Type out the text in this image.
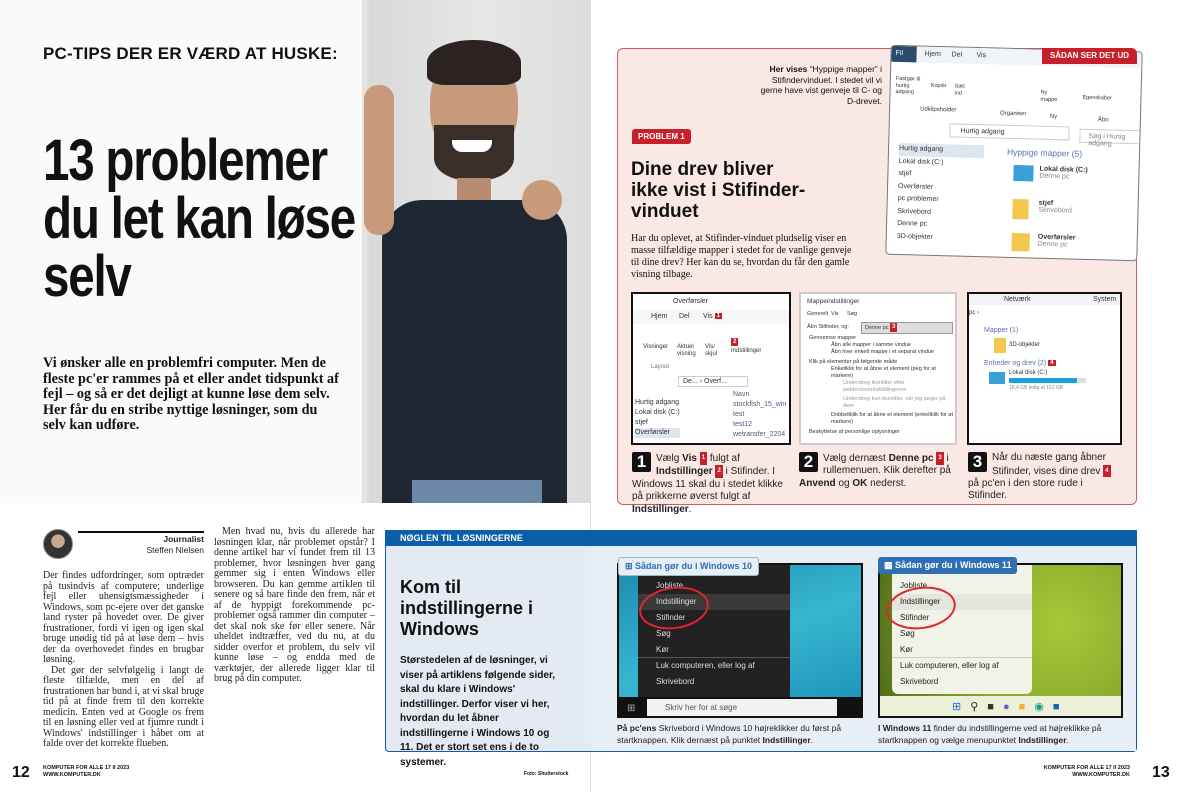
PC-TIPS DER ER VÆRD AT HUSKE:
13 problemer du let kan løse selv
Vi ønsker alle en problemfri computer. Men de fleste pc'er rammes på et eller andet tidspunkt af fejl – og så er det dejligt at kunne løse dem selv. Her får du en stribe nyttige løsninger, som du selv kan udføre.
Journalist
Steffen Nielsen

Der findes udfordringer, som optræder på tusindvis af computere; underlige fejl eller uhensigtsmæssigheder i Windows, som pc-ejere over det ganske land ryster på hovedet over. De giver frustrationer, fordi vi igen og igen skal bruge unødig tid på at løse dem – hvis der da overhovedet findes en brugbar løsning.

Det gør der selvfølgelig i langt de fleste tilfælde, men en del af frustrationen har bund i, at vi skal bruge tid på at finde frem til den korrekte medicin. Enten ved at Google os frem til en løsning eller ved at fjumre rundt i Windows' indstillinger i håbet om at falde over det korrekte flueben.

Men hvad nu, hvis du allerede har løsningen klar, når problemet opstår? I denne artikel har vi fundet frem til 13 problemer, hvor løsningen hver gang gemmer sig i enten Windows eller browseren. Du kan gemme artiklen til senere og så bare finde den frem, når et af de hyppigt forekommende pc-problemer også rammer din computer – det skal nok ske før eller senere. Når uheldet indtræffer, ved du nu, at du sidder overfor et problem, du selv vil kunne løse – og endda med de værktøjer, der allerede ligger klar til brug på din computer.

12 KOMPUTER FOR ALLE 17 II 2023
WWW.KOMPUTER.DK	Foto: Shutterstock
Her vises “Hyppige mapper” i Stifindervinduet. I stedet vil vi gerne have vist genveje til C- og D-drevet.
PROBLEM 1
Dine drev bliver ikke vist i Stifinder-vinduet
Har du oplevet, at Stifinder-vinduet pludselig viser en masse tilfældige mapper i stedet for de vanlige genveje til dine drev? Her kan du se, hvordan du får den gamle visning tilbage.
Fil	Hjem Del Vis
Fastgør til hurtig adgang
Kopiér Sæt ind	Ny mappe	Egenskaber
Udklipsholder
Organiser	Ny
Åbn
Hurtig adgang
Søg i Hurtig adgang
Hurtig adgang
Lokal disk (C:)
stjef
Overførsler
pc problemer
Skrivebord
Denne pc
3D-objekter
Hyppige mapper (5)
Lokal disk (C:)
Denne pc
stjef
Skrivebord
Overførsler
Denne pc
SÅDAN SER DET UD
Overførsler
Hjem Del Vis 1
Visninger Aktuel visning
Vis/ skjul
2
Indstillinger
Layout
De... › Overf...
Hurtig adgang
Lokal disk (C:)
stjef
Overførsler
Navn
stockfish_15_win
test
test12
wetransfer_2204
Mappeindstillinger
Generelt Vis Søg
Åbn Stifinder, og:	Denne pc 3
Gennemse mapper
Åbn alle mapper i samme vindue
Åbn hver enkelt mappe i et separat vindue
Klik på elementer på følgende måde
Enkeltklik for at åbne et element (peg for at markere)
Understreg ikontitler efter webbrowserindstillingerne
Understreg kun ikontitler, når jeg peger på dem
Dobbeltklik for at åbne et element (enkeltklik for at markere)
Beskyttelse af personlige oplysninger
Netværk	System
pc ›
Mapper (1)
3D-objekter
Enheder og drev (2) 4
Lokal disk (C:)
18,4 GB ledig af 151 GB
1 Vælg Vis 1 fulgt af Indstillinger 2 i Stifinder. I Windows 11 skal du i stedet klikke på prikkerne øverst fulgt af Indstillinger.
2 Vælg dernæst Denne pc 3 i rullemenuen. Klik derefter på Anvend og OK nederst.
3 Når du næste gang åbner Stifinder, vises dine drev 4 på pc'en i den store rude i Stifinder.
NØGLEN TIL LØSNINGERNE
Kom til indstillingerne i Windows
Størstedelen af de løsninger, vi viser på artiklens følgende sider, skal du klare i Windows' indstillinger. Derfor viser vi her, hvordan du let åbner indstillingerne i Windows 10 og 11. Det er stort set ens i de to systemer.
Jobliste
Indstillinger
Stifinder
Søg
Kør
Luk computeren, eller log af
Skrivebord
⊞	Skriv her for at søge
⊞ Sådan gør du i Windows 10
På pc'ens Skrivebord i Windows 10 højreklikker du først på startknappen. Klik dernæst på punktet Indstillinger.
Jobliste
Indstillinger
Stifinder
Søg
Kør
Luk computeren, eller log af
Skrivebord
⊞⚲■●■◉■
▦ Sådan gør du i Windows 11
I Windows 11 finder du indstillingerne ved at højreklikke på startknappen og vælge menupunktet Indstillinger.
KOMPUTER FOR ALLE 17 II 2023
WWW.KOMPUTER.DK 13
